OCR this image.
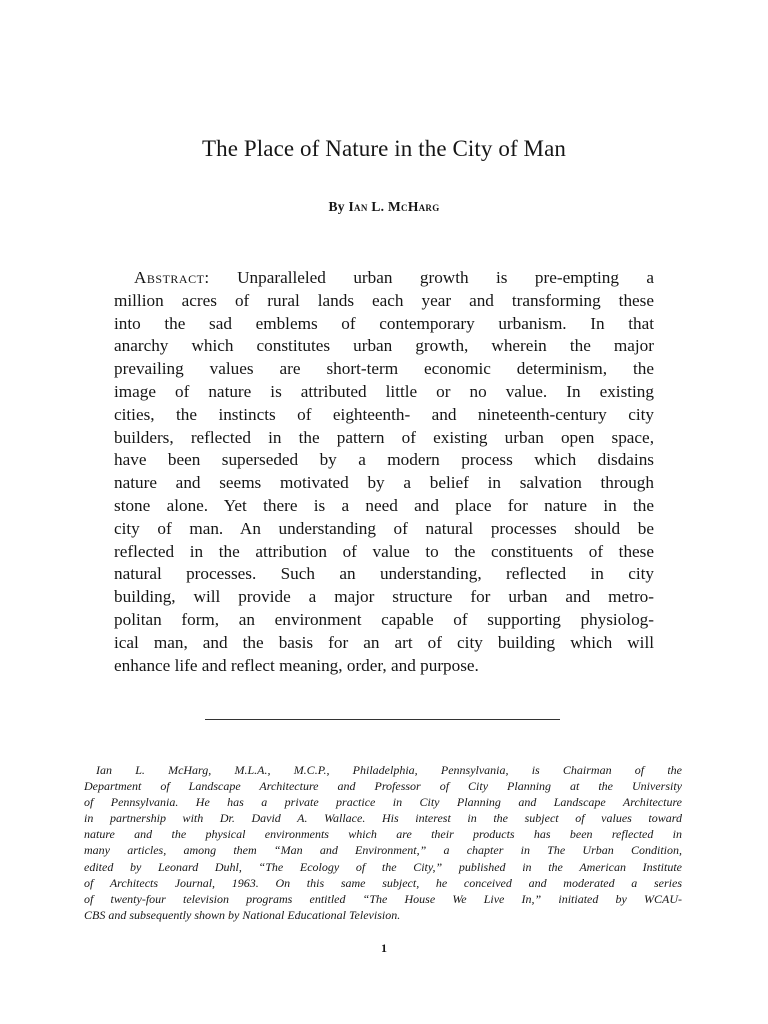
The Place of Nature in the City of Man
By Ian L. McHarg
Abstract: Unparalleled urban growth is pre-empting a
million acres of rural lands each year and transforming these
into the sad emblems of contemporary urbanism. In that
anarchy which constitutes urban growth, wherein the major
prevailing values are short-term economic determinism, the
image of nature is attributed little or no value. In existing
cities, the instincts of eighteenth- and nineteenth-century city
builders, reflected in the pattern of existing urban open space,
have been superseded by a modern process which disdains
nature and seems motivated by a belief in salvation through
stone alone. Yet there is a need and place for nature in the
city of man. An understanding of natural processes should be
reflected in the attribution of value to the constituents of these
natural processes. Such an understanding, reflected in city
building, will provide a major structure for urban and metro-
politan form, an environment capable of supporting physiolog-
ical man, and the basis for an art of city building which will
enhance life and reflect meaning, order, and purpose.
Ian L. McHarg, M.L.A., M.C.P., Philadelphia, Pennsylvania, is Chairman of the
Department of Landscape Architecture and Professor of City Planning at the University
of Pennsylvania. He has a private practice in City Planning and Landscape Architecture
in partnership with Dr. David A. Wallace. His interest in the subject of values toward
nature and the physical environments which are their products has been reflected in
many articles, among them “Man and Environment,” a chapter in The Urban Condition,
edited by Leonard Duhl, “The Ecology of the City,” published in the American Institute
of Architects Journal, 1963. On this same subject, he conceived and moderated a series
of twenty-four television programs entitled “The House We Live In,” initiated by WCAU-
CBS and subsequently shown by National Educational Television.
1
